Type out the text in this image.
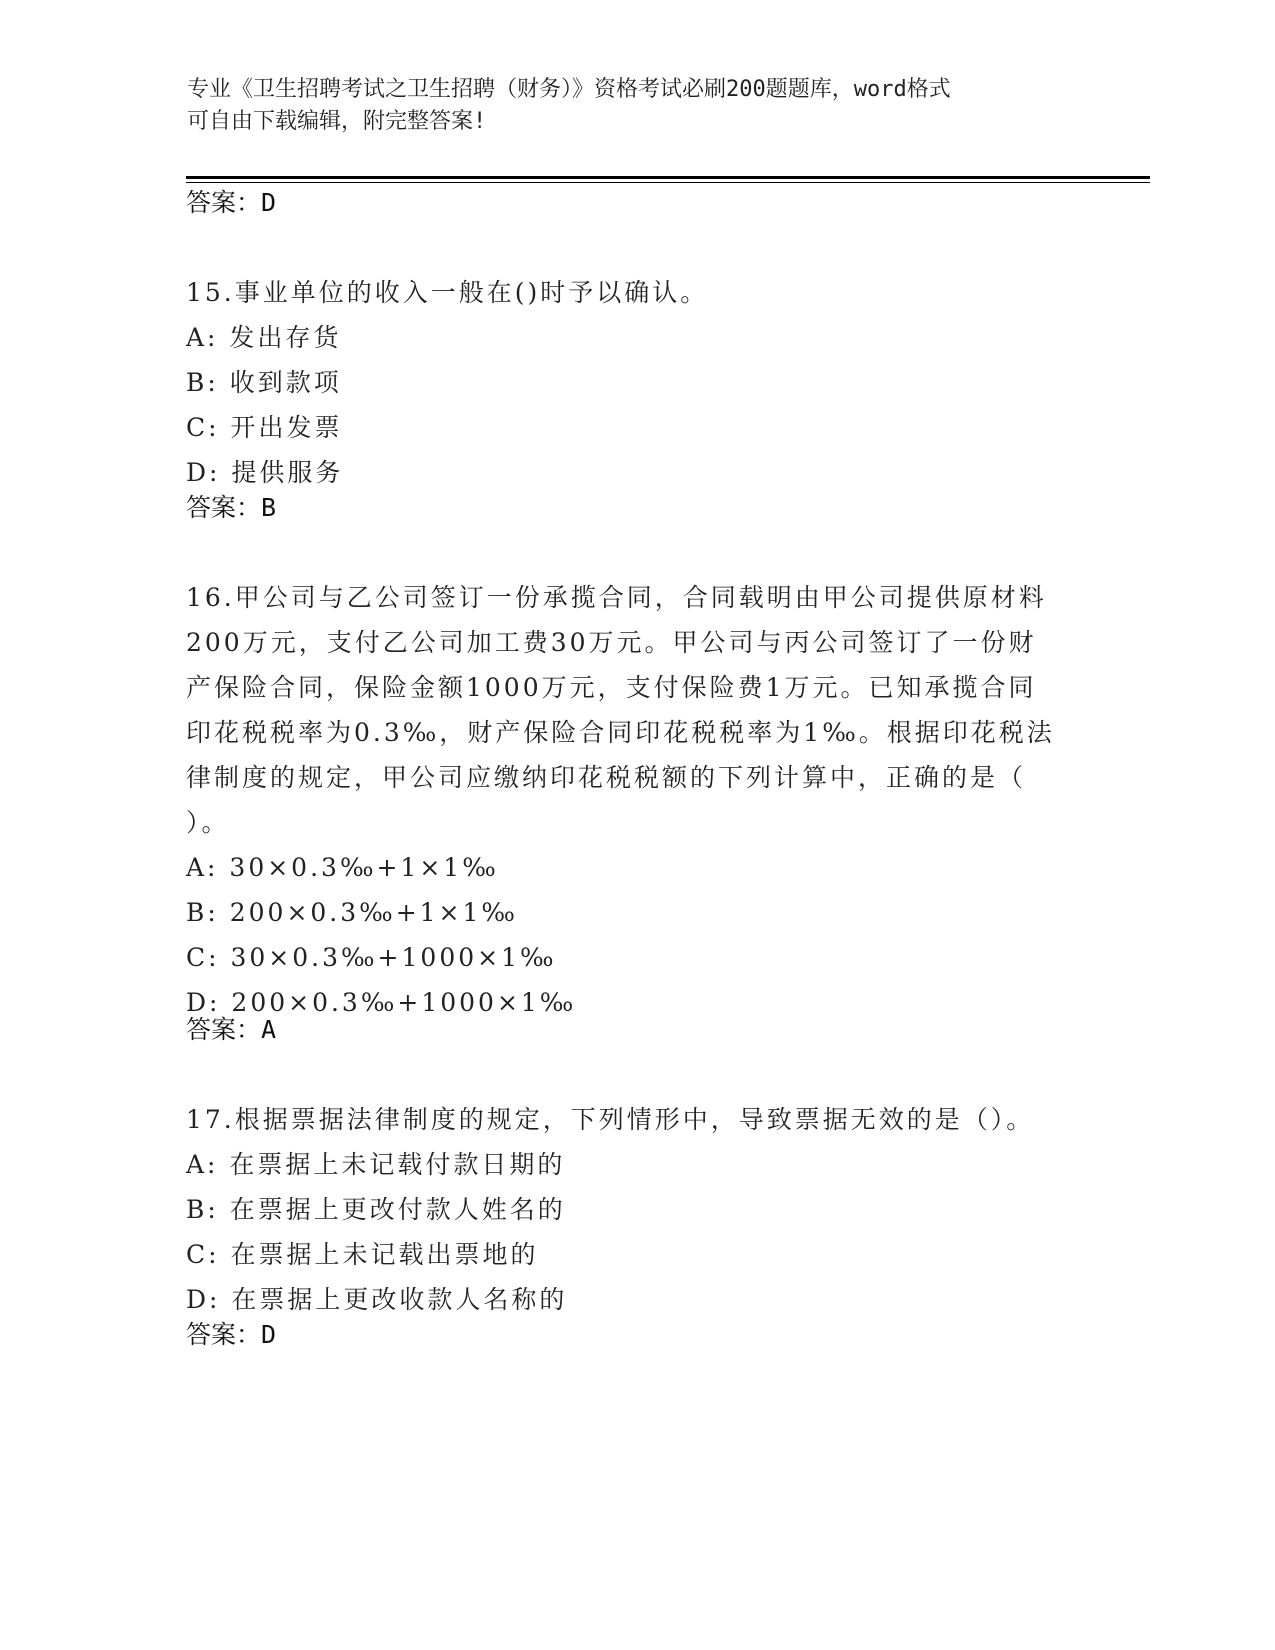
专业《卫生招聘考试之卫生招聘（财务）》资格考试必刷200题题库，word格式
可自由下载编辑，附完整答案!
答案：D

15.事业单位的收入一般在()时予以确认。

A: 发出存货

B: 收到款项

C: 开出发票

D: 提供服务

答案：B

16.甲公司与乙公司签订一份承揽合同，合同载明由甲公司提供原材料

200万元，支付乙公司加工费30万元。甲公司与丙公司签订了一份财

产保险合同，保险金额1000万元，支付保险费1万元。已知承揽合同

印花税税率为0.3‰，财产保险合同印花税税率为1‰。根据印花税法

律制度的规定，甲公司应缴纳印花税税额的下列计算中，正确的是（

）。

A: 30×0.3‰+1×1‰

B: 200×0.3‰+1×1‰

C: 30×0.3‰+1000×1‰

D: 200×0.3‰+1000×1‰

答案：A

17.根据票据法律制度的规定，下列情形中，导致票据无效的是（）。

A: 在票据上未记载付款日期的

B: 在票据上更改付款人姓名的

C: 在票据上未记载出票地的

D: 在票据上更改收款人名称的

答案：D
